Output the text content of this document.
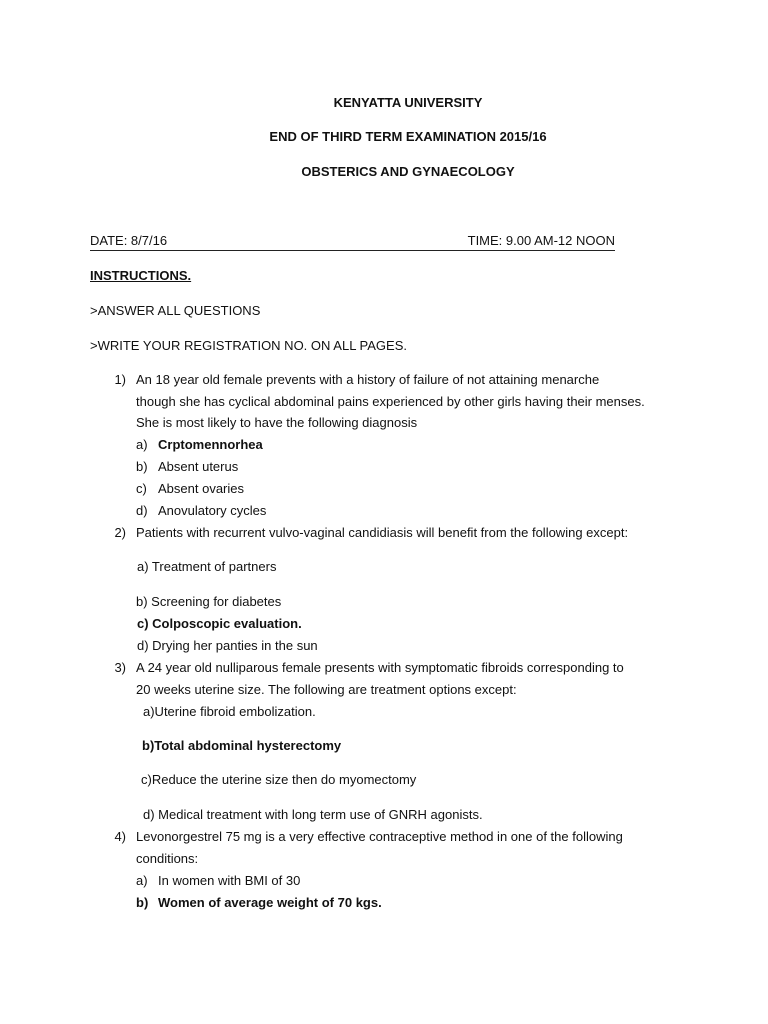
KENYATTA UNIVERSITY
END OF THIRD TERM EXAMINATION 2015/16
OBSTERICS AND GYNAECOLOGY
DATE: 8/7/16	TIME: 9.00 AM-12 NOON
INSTRUCTIONS.
>ANSWER ALL QUESTIONS
>WRITE YOUR REGISTRATION NO. ON ALL PAGES.
1) An 18 year old female prevents with a history of failure of not attaining menarche
though she has cyclical abdominal pains experienced by other girls having their menses.
She is most likely to have the following diagnosis
a) Crptomennorhea
b) Absent uterus
c) Absent ovaries
d) Anovulatory cycles
2) Patients with recurrent vulvo-vaginal candidiasis will benefit from the following except:
a) Treatment of partners
b) Screening for diabetes
c) Colposcopic evaluation.
d) Drying her panties in the sun
3) A 24 year old nulliparous female presents with symptomatic fibroids corresponding to
20 weeks uterine size. The following are treatment options except:
a)Uterine fibroid embolization.
b)Total abdominal hysterectomy
c)Reduce the uterine size then do myomectomy
d) Medical treatment with long term use of GNRH agonists.
4) Levonorgestrel 75 mg is a very effective contraceptive method in one of the following
conditions:
a) In women with BMI of 30
b) Women of average weight of 70 kgs.
